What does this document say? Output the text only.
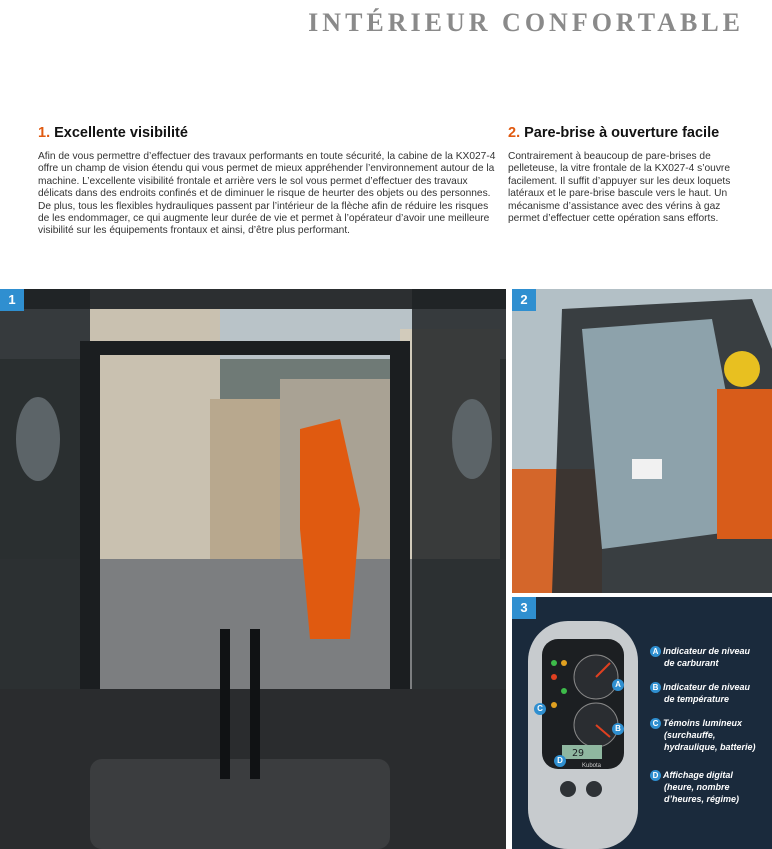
INTÉRIEUR CONFORTABLE
1. Excellente visibilité

Afin de vous permettre d’effectuer des travaux performants en toute sécurité, la cabine de la KX027-4 offre un champ de vision étendu qui vous permet de mieux appréhender l’environnement autour de la machine. L’excellente visibilité frontale et arrière vers le sol vous permet d’effectuer des travaux délicats dans des endroits confinés et de diminuer le risque de heurter des objets ou des personnes. De plus, tous les flexibles hydrauliques passent par l’intérieur de la flèche afin de réduire les risques de les endommager, ce qui augmente leur durée de vie et permet à l’opérateur d’avoir une meilleure visibilité sur les équipements frontaux et ainsi, d’être plus performant.

2. Pare-brise à ouverture facile

Contrairement à beaucoup de pare-brises de pelleteuse, la vitre frontale de la KX027-4 s’ouvre facilement. Il suffit d’appuyer sur les deux loquets latéraux et le pare-brise bascule vers le haut. Un mécanisme d’assistance avec des vérins à gaz permet d’effectuer cette opération sans efforts.

1	2
29
Kubota
A
B
C
D
A Indicateur de niveau
de carburant
B Indicateur de niveau
de température
C Témoins lumineux
(surchauffe,
hydraulique, batterie)
D Affichage digital
(heure, nombre
d’heures, régime)
3
